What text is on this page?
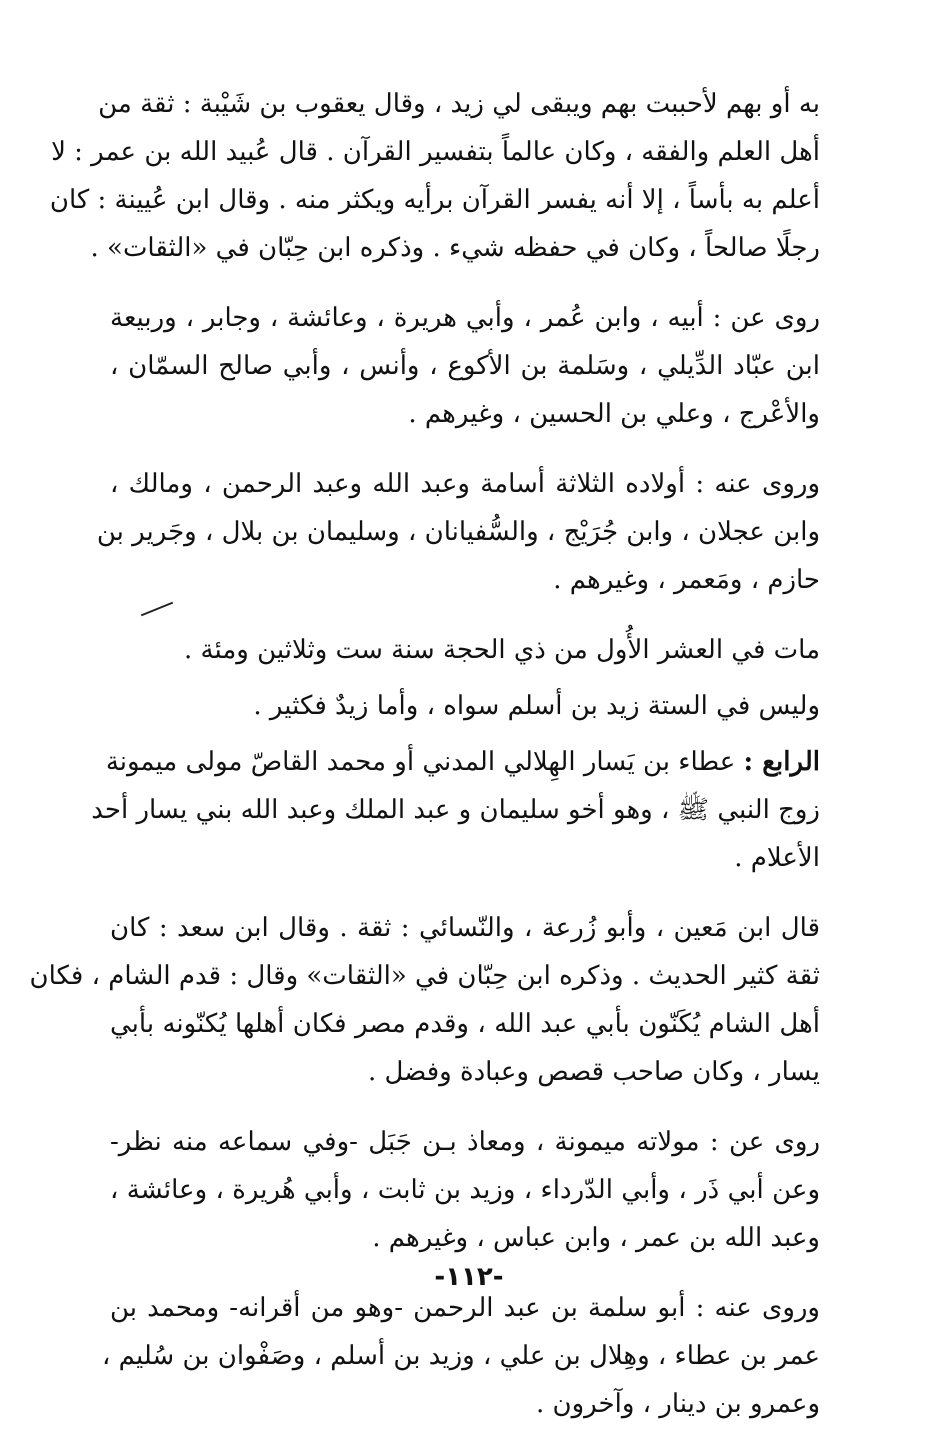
به أو بهم لأحببت بهم ويبقى لي زيد ، وقال يعقوب بن شَيْبة : ثقة من
أهل العلم والفقه ، وكان عالماً بتفسير القرآن . قال عُبيد الله بن عمر : لا
أعلم به بأساً ، إلا أنه يفسر القرآن برأيه ويكثر منه . وقال ابن عُيينة : كان
رجلًا صالحاً ، وكان في حفظه شيء . وذكره ابن حِبّان في «الثقات» .
روى عن : أبيه ، وابن عُمر ، وأبي هريرة ، وعائشة ، وجابر ، وربيعة
ابن عبّاد الدِّيلي ، وسَلمة بن الأكوع ، وأنس ، وأبي صالح السمّان ،
والأعْرج ، وعلي بن الحسين ، وغيرهم .
وروى عنه : أولاده الثلاثة أسامة وعبد الله وعبد الرحمن ، ومالك ،
وابن عجلان ، وابن جُرَيْج ، والسُّفيانان ، وسليمان بن بلال ، وجَرير بن
حازم ، ومَعمر ، وغيرهم .
مات في العشر الأُول من ذي الحجة سنة ست وثلاثين ومئة .
وليس في الستة زيد بن أسلم سواه ، وأما زيدٌ فكثير .
الرابع : عطاء بن يَسار الهِلالي المدني أو محمد القاصّ مولى ميمونة
زوج النبي ﷺ ، وهو أخو سليمان و عبد الملك وعبد الله بني يسار أحد
الأعلام .
قال ابن مَعين ، وأبو زُرعة ، والنّسائي : ثقة . وقال ابن سعد : كان
ثقة كثير الحديث . وذكره ابن حِبّان في «الثقات» وقال : قدم الشام ، فكان
أهل الشام يُكَنّون بأبي عبد الله ، وقدم مصر فكان أهلها يُكنّونه بأبي
يسار ، وكان صاحب قصص وعبادة وفضل .
روى عن : مولاته ميمونة ، ومعاذ بـن جَبَل -وفي سماعه منه نظر-
وعن أبي ذَر ، وأبي الدّرداء ، وزيد بن ثابت ، وأبي هُريرة ، وعائشة ،
وعبد الله بن عمر ، وابن عباس ، وغيرهم .
وروى عنه : أبو سلمة بن عبد الرحمن -وهو من أقرانه- ومحمد بن
عمر بن عطاء ، وهِلال بن علي ، وزيد بن أسلم ، وصَفْوان بن سُليم ،
وعمرو بن دينار ، وآخرون .
-١١٢-
